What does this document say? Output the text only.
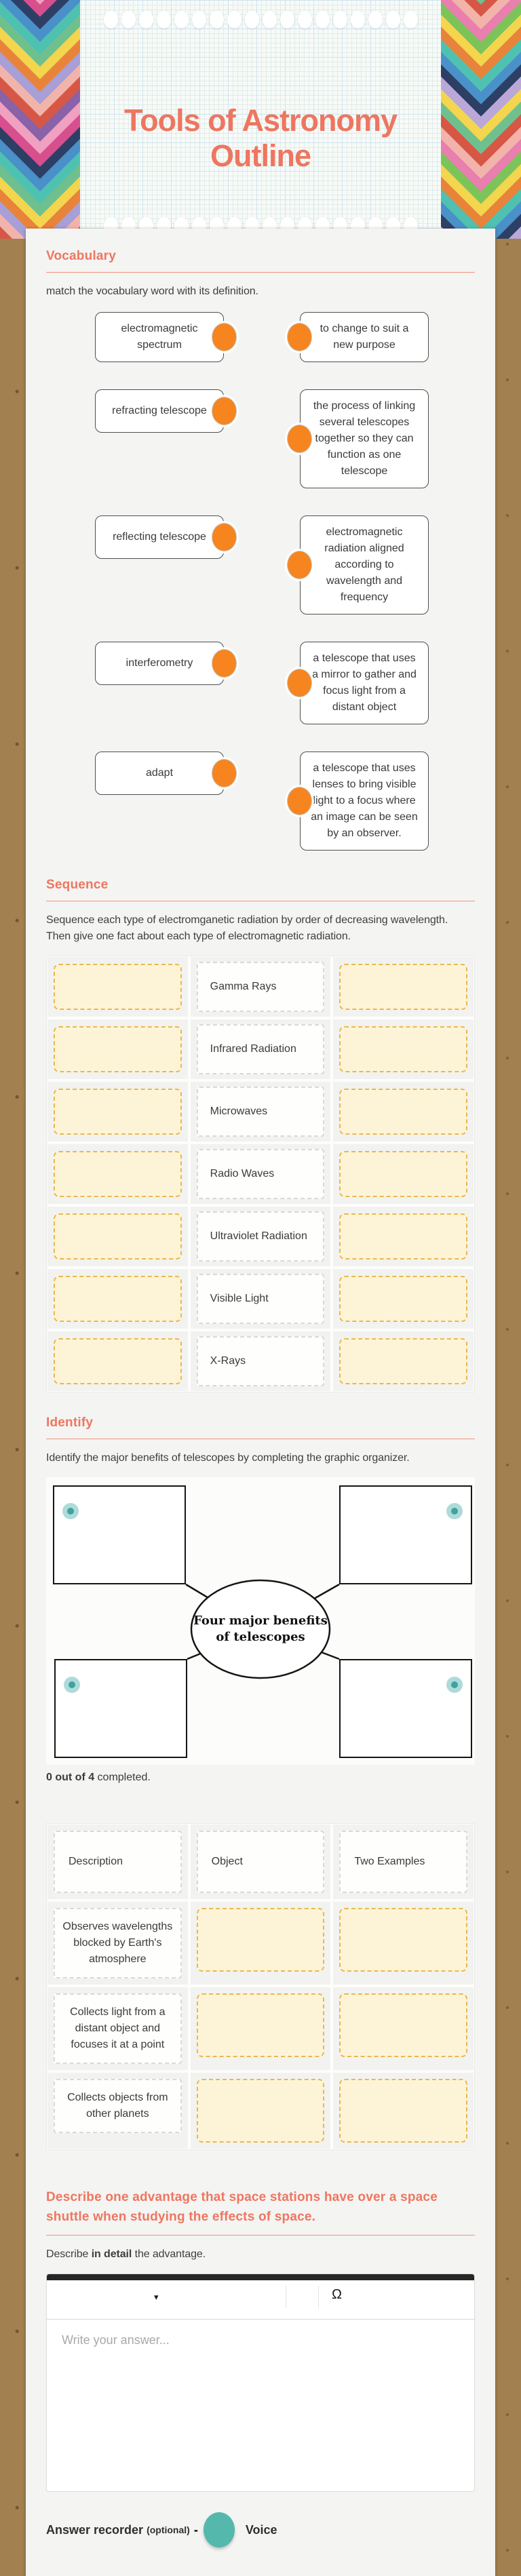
Tools of Astronomy Outline
Vocabulary
match the vocabulary word with its definition.
electromagnetic spectrum
to change to suit a new purpose
refracting telescope	the process of linking several telescopes together so they can function as one telescope
reflecting telescope	electromagnetic radiation aligned according to wavelength and frequency
interferometry	a telescope that uses a mirror to gather and focus light from a distant object
adapt	a telescope that uses lenses to bring visible light to a focus where an image can be seen by an observer.
Sequence
Sequence each type of electromganetic radiation by order of decreasing wavelength. Then give one fact about each type of electromagnetic radiation.
Gamma Rays
Infrared Radiation
Microwaves
Radio Waves
Ultraviolet Radiation
Visible Light
X-Rays
Identify
Identify the major benefits of telescopes by completing the graphic organizer.
Four major benefits of telescopes
0 out of 4 completed.
Description	Object	Two Examples
Observes wavelengths blocked by Earth's atmosphere
Collects light from a distant object and focuses it at a point
Collects objects from other planets
Describe one advantage that space stations have over a space shuttle when studying the effects of space.
Describe in detail the advantage.
▾	Ω
Write your answer...
Answer recorder (optional) -	Voice
